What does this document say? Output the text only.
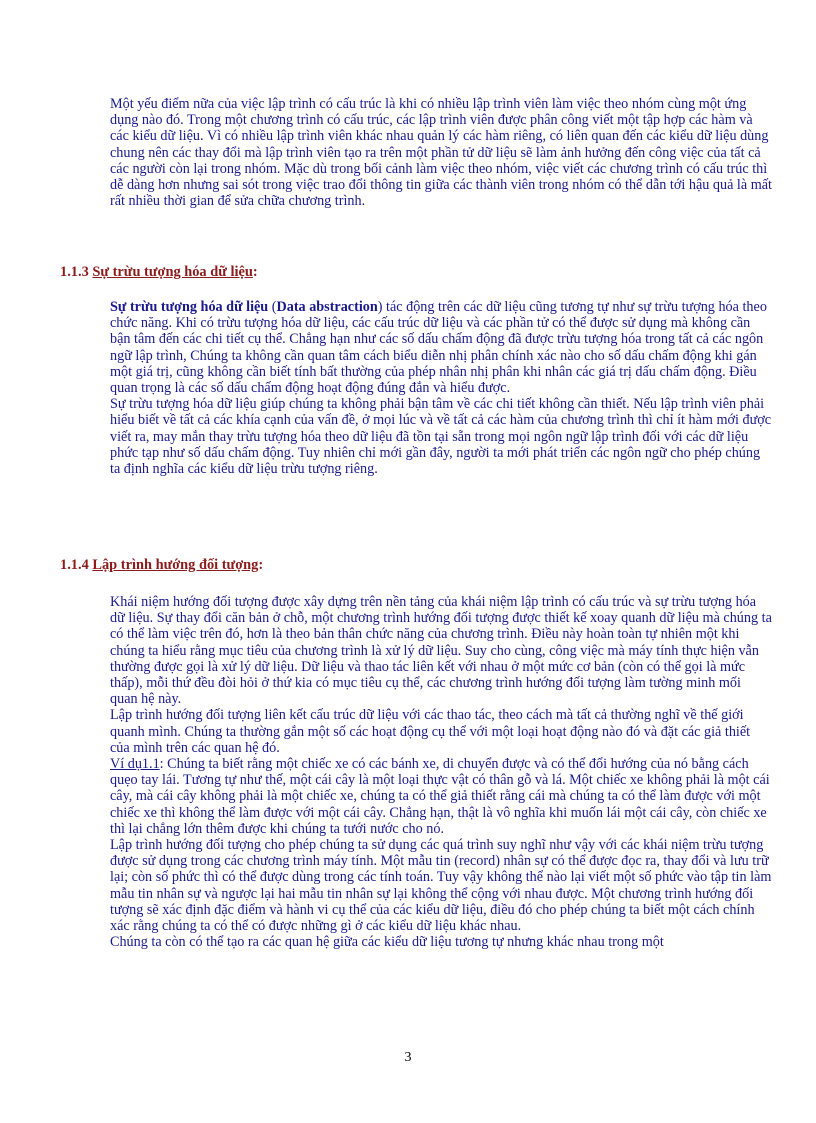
Một yếu điểm nữa của việc lập trình có cấu trúc là khi có nhiều lập trình viên làm việc theo nhóm cùng một ứng dụng nào đó. Trong một chương trình có cấu trúc, các lập trình viên được phân công viết một tập hợp các hàm và các kiểu dữ liệu. Vì có nhiều lập trình viên khác nhau quản lý các hàm riêng, có liên quan đến các kiểu dữ liệu dùng chung nên các thay đổi mà lập trình viên tạo ra trên một phần tử dữ liệu sẽ làm ảnh hưởng đến công việc của tất cả các người còn lại trong nhóm. Mặc dù trong bối cảnh làm việc theo nhóm, việc viết các chương trình có cấu trúc thì dễ dàng hơn nhưng sai sót trong việc trao đổi thông tin giữa các thành viên trong nhóm có thể dẫn tới hậu quả là mất rất nhiều thời gian để sửa chữa chương trình.

1.1.3 Sự trừu tượng hóa dữ liệu:

Sự trừu tượng hóa dữ liệu (Data abstraction) tác động trên các dữ liệu cũng tương tự như sự trừu tượng hóa theo chức năng. Khi có trừu tượng hóa dữ liệu, các cấu trúc dữ liệu và các phần tử có thể được sử dụng mà không cần bận tâm đến các chi tiết cụ thể. Chẳng hạn như các số dấu chấm động đã được trừu tượng hóa trong tất cả các ngôn ngữ lập trình, Chúng ta không cần quan tâm cách biểu diễn nhị phân chính xác nào cho số dấu chấm động khi gán một giá trị, cũng không cần biết tính bất thường của phép nhân nhị phân khi nhân các giá trị dấu chấm động. Điều quan trọng là các số dấu chấm động hoạt động đúng đắn và hiểu được.

Sự trừu tượng hóa dữ liệu giúp chúng ta không phải bận tâm về các chi tiết không cần thiết. Nếu lập trình viên phải hiểu biết về tất cả các khía cạnh của vấn đề, ở mọi lúc và về tất cả các hàm của chương trình thì chỉ ít hàm mới được viết ra, may mắn thay trừu tượng hóa theo dữ liệu đã tồn tại sẵn trong mọi ngôn ngữ lập trình đối với các dữ liệu phức tạp như số dấu chấm động. Tuy nhiên chỉ mới gần đây, người ta mới phát triển các ngôn ngữ cho phép chúng ta định nghĩa các kiểu dữ liệu trừu tượng riêng.

1.1.4 Lập trình hướng đối tượng:

Khái niệm hướng đối tượng được xây dựng trên nền tảng của khái niệm lập trình có cấu trúc và sự trừu tượng hóa dữ liệu. Sự thay đổi căn bản ở chỗ, một chương trình hướng đối tượng được thiết kế xoay quanh dữ liệu mà chúng ta có thể làm việc trên đó, hơn là theo bản thân chức năng của chương trình. Điều này hoàn toàn tự nhiên một khi chúng ta hiểu rằng mục tiêu của chương trình là xử lý dữ liệu. Suy cho cùng, công việc mà máy tính thực hiện vẫn thường được gọi là xử lý dữ liệu. Dữ liệu và thao tác liên kết với nhau ở một mức cơ bản (còn có thể gọi là mức thấp), mỗi thứ đều đòi hỏi ở thứ kia có mục tiêu cụ thể, các chương trình hướng đối tượng làm tường minh mối quan hệ này.

Lập trình hướng đối tượng liên kết cấu trúc dữ liệu với các thao tác, theo cách mà tất cả thường nghĩ về thế giới quanh mình. Chúng ta thường gắn một số các hoạt động cụ thể với một loại hoạt động nào đó và đặt các giả thiết của mình trên các quan hệ đó.

Ví dụ1.1: Chúng ta biết rằng một chiếc xe có các bánh xe, di chuyển được và có thể đổi hướng của nó bằng cách quẹo tay lái. Tương tự như thế, một cái cây là một loại thực vật có thân gỗ và lá. Một chiếc xe không phải là một cái cây, mà cái cây không phải là một chiếc xe, chúng ta có thể giả thiết rằng cái mà chúng ta có thể làm được với một chiếc xe thì không thể làm được với một cái cây. Chẳng hạn, thật là vô nghĩa khi muốn lái một cái cây, còn chiếc xe thì lại chẳng lớn thêm được khi chúng ta tưới nước cho nó.

Lập trình hướng đối tượng cho phép chúng ta sử dụng các quá trình suy nghĩ như vậy với các khái niệm trừu tượng được sử dụng trong các chương trình máy tính. Một mẫu tin (record) nhân sự có thể được đọc ra, thay đổi và lưu trữ lại; còn số phức thì có thể được dùng trong các tính toán. Tuy vậy không thể nào lại viết một số phức vào tập tin làm mẫu tin nhân sự và ngược lại hai mẫu tin nhân sự lại không thể cộng với nhau được. Một chương trình hướng đối tượng sẽ xác định đặc điểm và hành vi cụ thể của các kiểu dữ liệu, điều đó cho phép chúng ta biết một cách chính xác rằng chúng ta có thể có được những gì ở các kiểu dữ liệu khác nhau.

Chúng ta còn có thể tạo ra các quan hệ giữa các kiểu dữ liệu tương tự nhưng khác nhau trong một

3
